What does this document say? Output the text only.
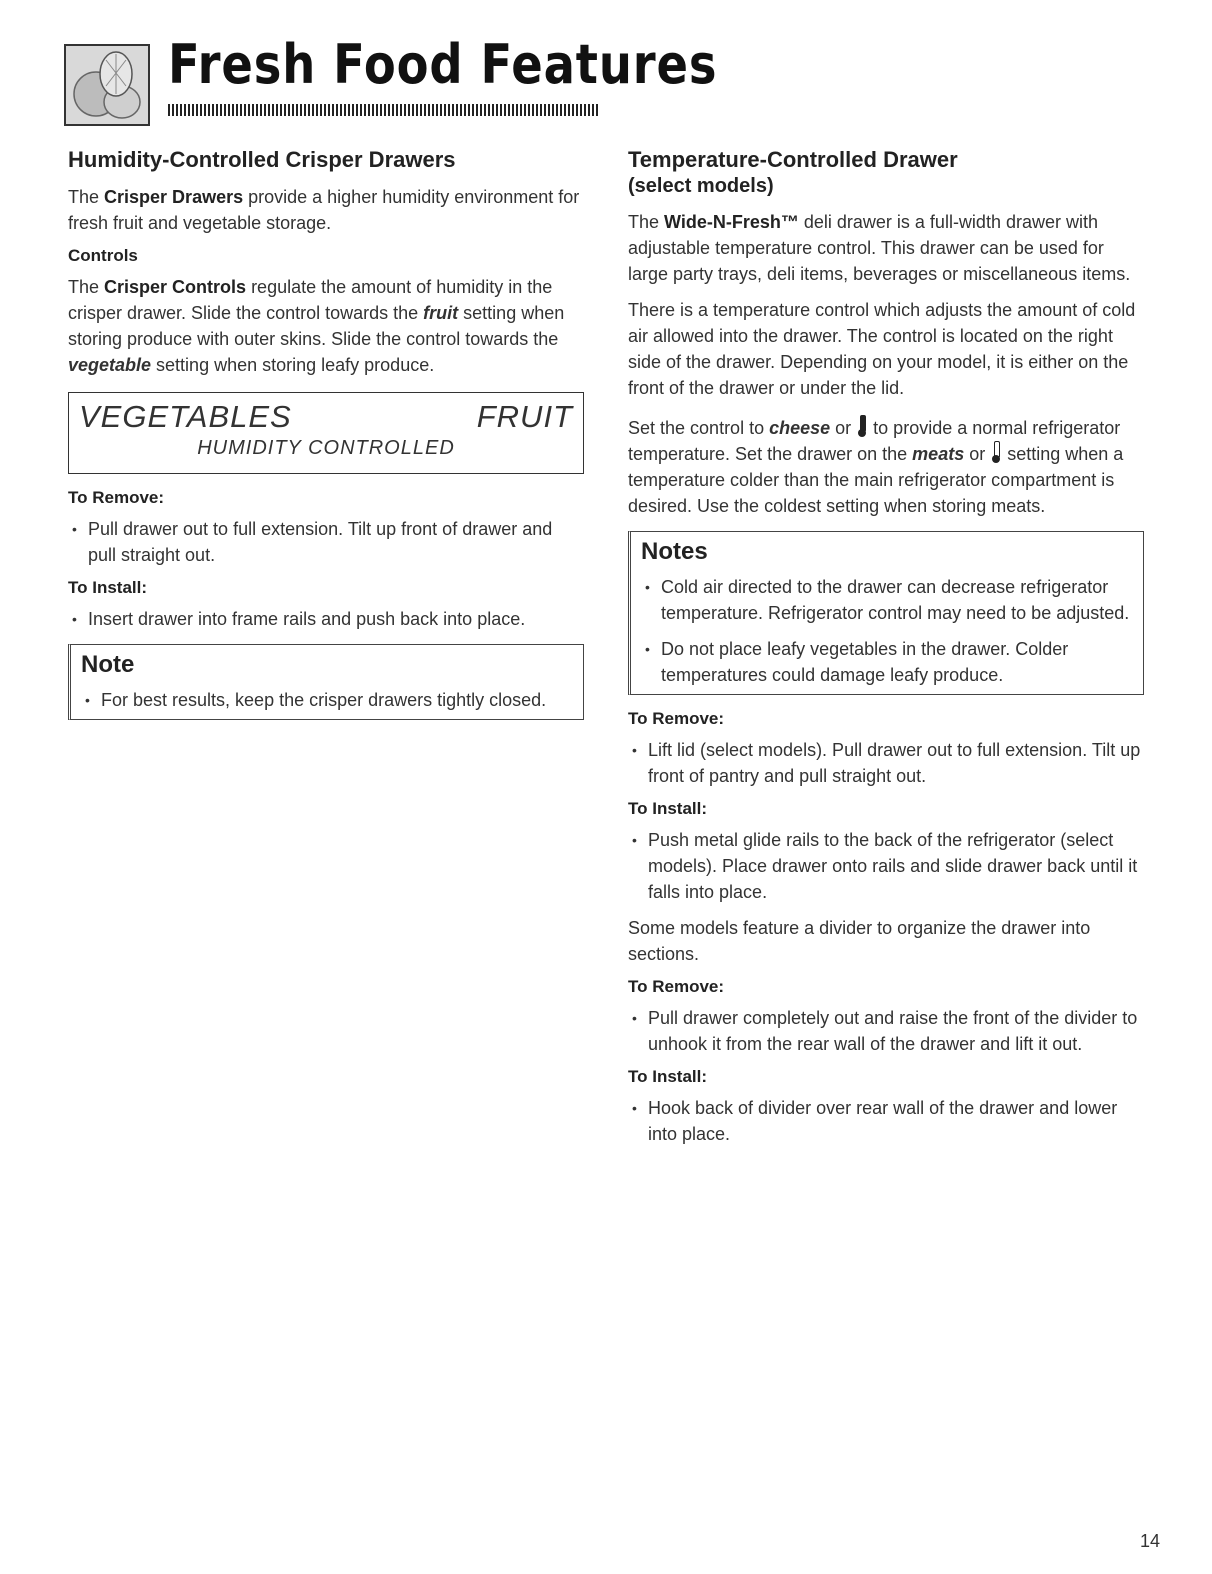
Fresh Food Features
Humidity-Controlled Crisper Drawers

The Crisper Drawers provide a higher humidity environment for fresh fruit and vegetable storage.

Controls

The Crisper Controls regulate the amount of humidity in the crisper drawer. Slide the control towards the fruit setting when storing produce with outer skins. Slide the control towards the vegetable setting when storing leafy produce.

VEGETABLES	FRUIT
HUMIDITY CONTROLLED
To Remove:
• Pull drawer out to full extension. Tilt up front of drawer and pull straight out.
To Install:
• Insert drawer into frame rails and push back into place.
Note
• For best results, keep the crisper drawers tightly closed.
Temperature-Controlled Drawer
(select models)

The Wide-N-Fresh™ deli drawer is a full-width drawer with adjustable temperature control. This drawer can be used for large party trays, deli items, beverages or miscellaneous items.

There is a temperature control which adjusts the amount of cold air allowed into the drawer. The control is located on the right side of the drawer. Depending on your model, it is either on the front of the drawer or under the lid.

Set the control to cheese or  to provide a normal refrigerator temperature. Set the drawer on the meats or  setting when a temperature colder than the main refrigerator compartment is desired. Use the coldest setting when storing meats.

Notes
• Cold air directed to the drawer can decrease refrigerator temperature. Refrigerator control may need to be adjusted.
• Do not place leafy vegetables in the drawer. Colder temperatures could damage leafy produce.
To Remove:
• Lift lid (select models). Pull drawer out to full extension. Tilt up front of pantry and pull straight out.
To Install:
• Push metal glide rails to the back of the refrigerator (select models). Place drawer onto rails and slide drawer back until it falls into place.

Some models feature a divider to organize the drawer into sections.

To Remove:
• Pull drawer completely out and raise the front of the divider to unhook it from the rear wall of the drawer and lift it out.
To Install:
• Hook back of divider over rear wall of the drawer and lower into place.
14
